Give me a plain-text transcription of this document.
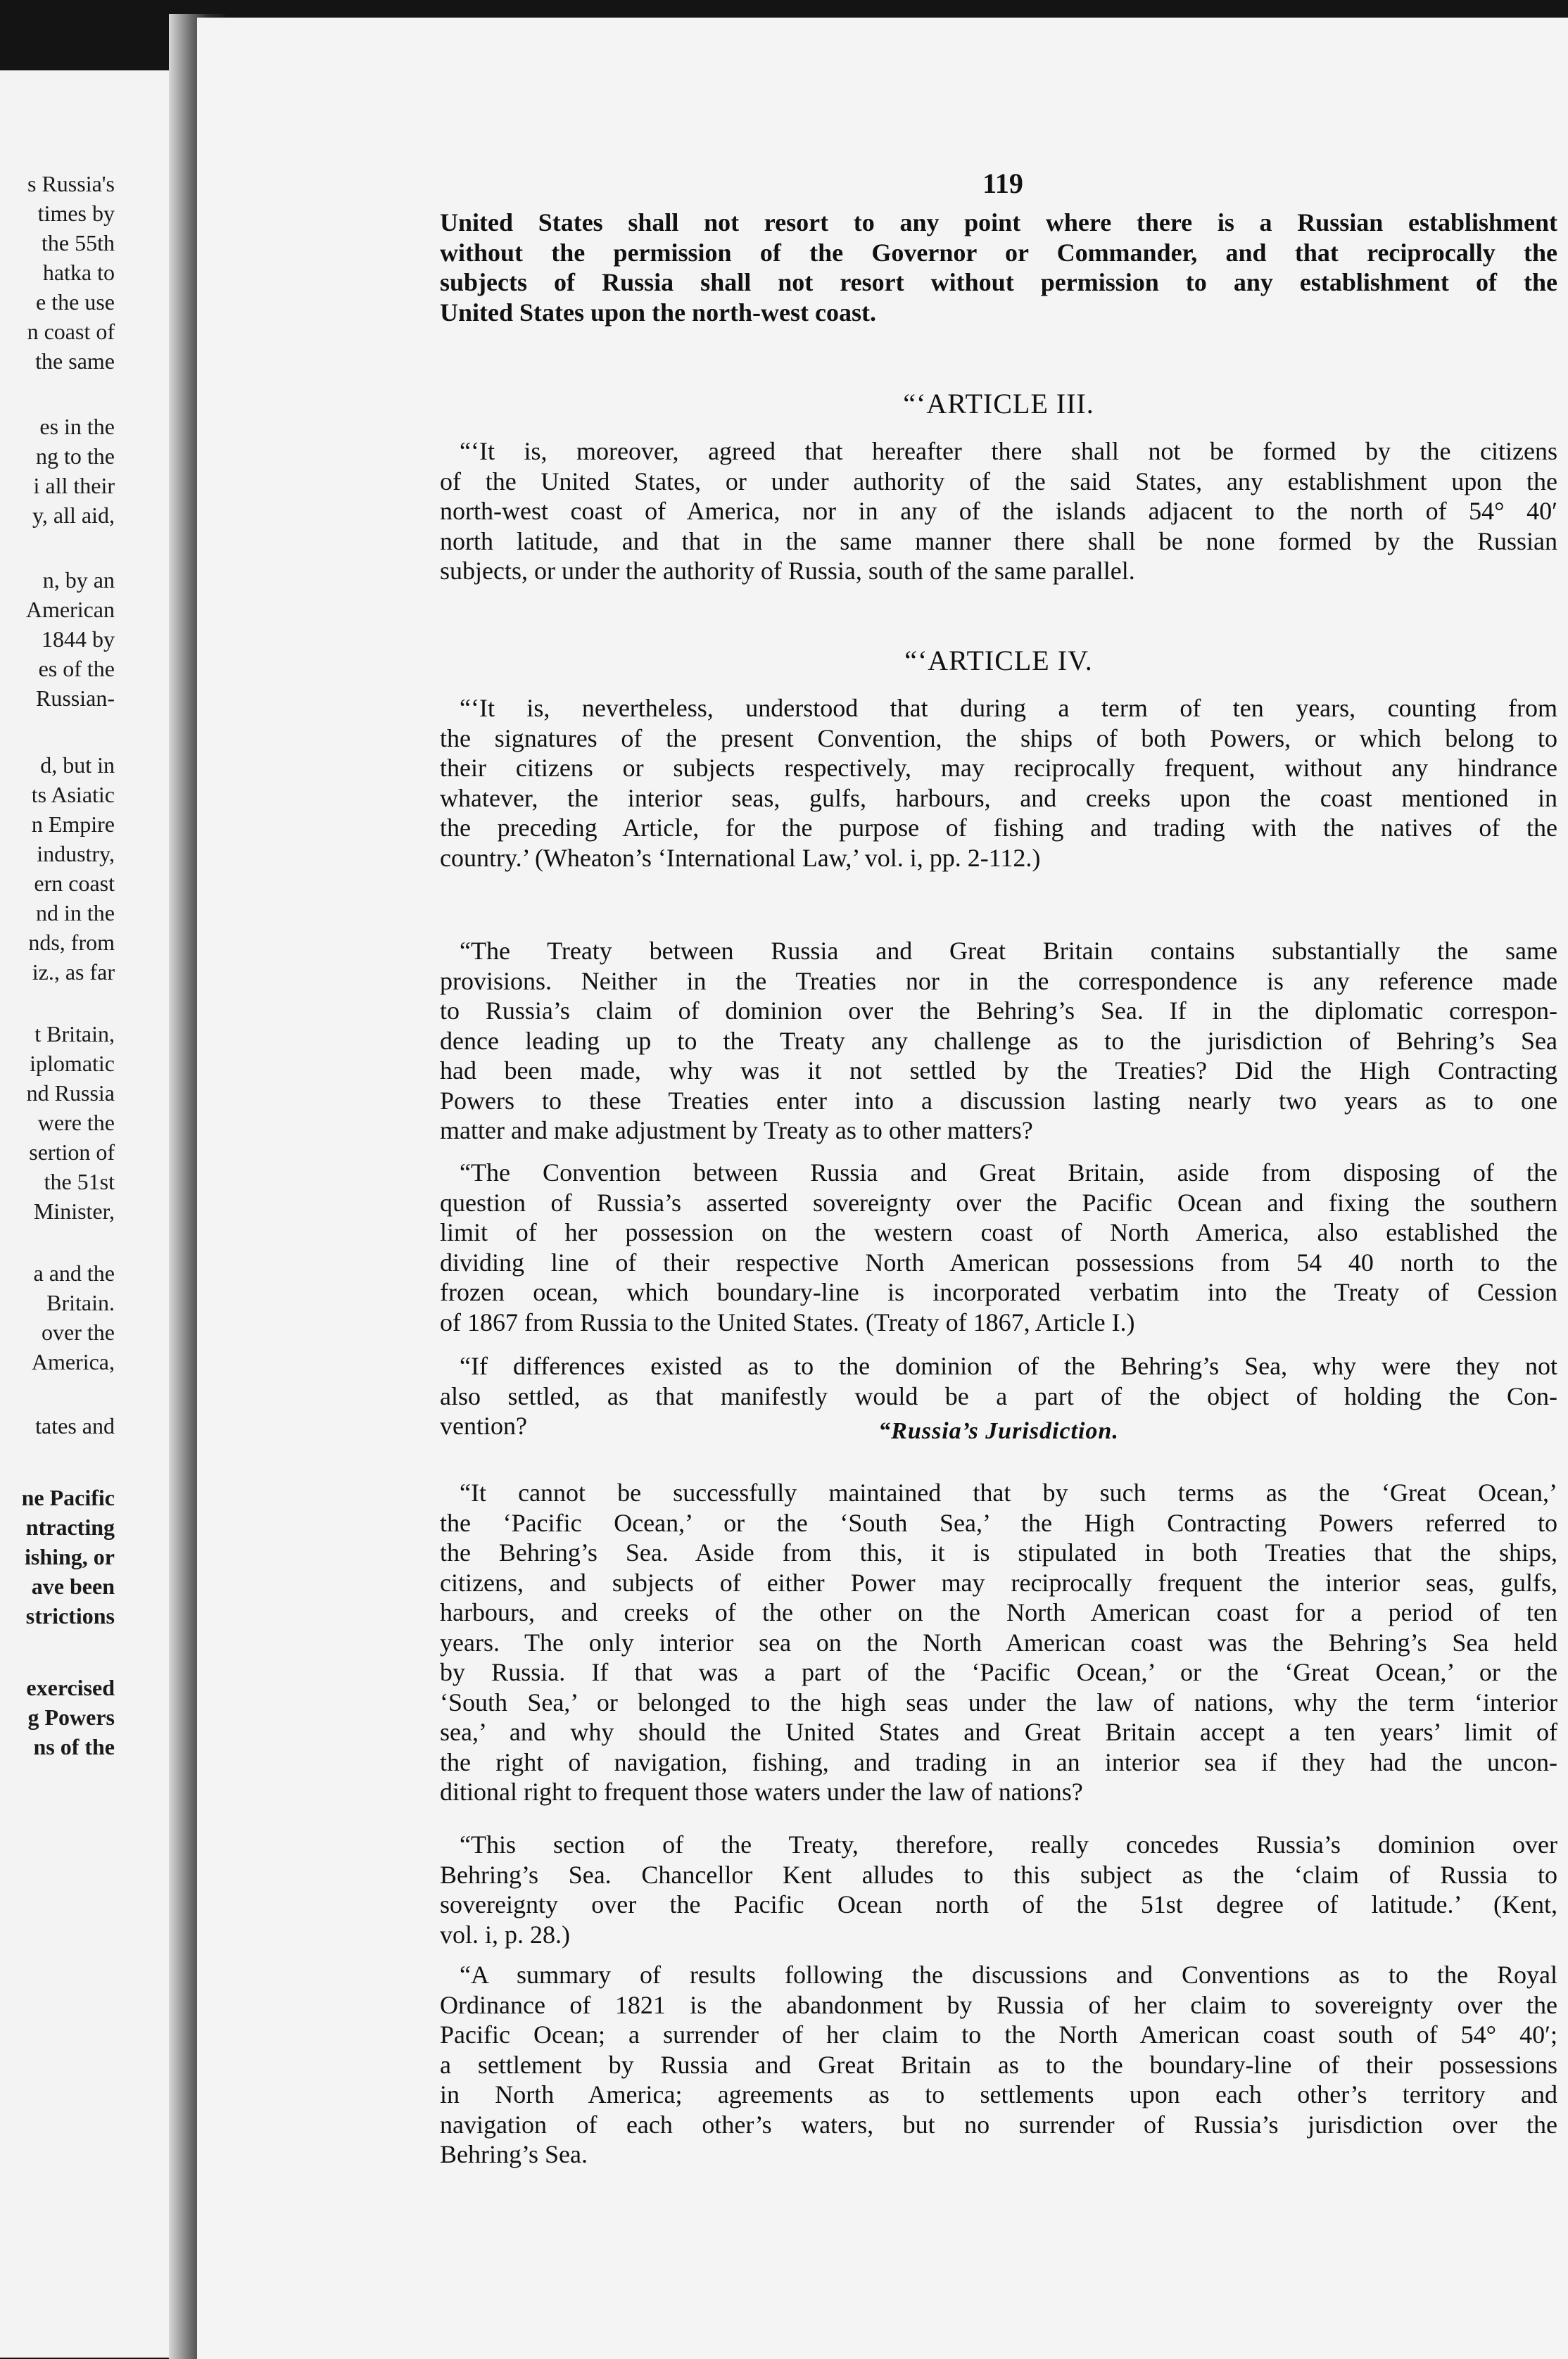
s Russia's
times by
the 55th
hatka to
e the use
n coast of
the same
es in the
ng to the
i all their
y, all aid,
n, by an
American
1844 by
es of the
Russian-
d, but in
ts Asiatic
n Empire
industry,
ern coast
nd in the
nds, from
iz., as far
t Britain,
iplomatic
nd Russia
were the
sertion of
the 51st
Minister,
a and the
Britain.
over the
America,
tates and
ne Pacific
ntracting
ishing, or
ave been
strictions
exercised
g Powers
ns of the
119
United States shall not resort to any point where there is a Russian establishment
without the permission of the Governor or Commander, and that reciprocally the
subjects of Russia shall not resort without permission to any establishment of the
United States upon the north-west coast.
“‘ARTICLE III.
“‘It is, moreover, agreed that hereafter there shall not be formed by the citizens
of the United States, or under authority of the said States, any establishment upon the
north-west coast of America, nor in any of the islands adjacent to the north of 54° 40′
north latitude, and that in the same manner there shall be none formed by the Russian
subjects, or under the authority of Russia, south of the same parallel.
“‘ARTICLE IV.
“‘It is, nevertheless, understood that during a term of ten years, counting from
the signatures of the present Convention, the ships of both Powers, or which belong to
their citizens or subjects respectively, may reciprocally frequent, without any hindrance
whatever, the interior seas, gulfs, harbours, and creeks upon the coast mentioned in
the preceding Article, for the purpose of fishing and trading with the natives of the
country.’ (Wheaton’s ‘International Law,’ vol. i, pp. 2-112.)
“The Treaty between Russia and Great Britain contains substantially the same
provisions. Neither in the Treaties nor in the correspondence is any reference made
to Russia’s claim of dominion over the Behring’s Sea. If in the diplomatic correspon-
dence leading up to the Treaty any challenge as to the jurisdiction of Behring’s Sea
had been made, why was it not settled by the Treaties? Did the High Contracting
Powers to these Treaties enter into a discussion lasting nearly two years as to one
matter and make adjustment by Treaty as to other matters?
“The Convention between Russia and Great Britain, aside from disposing of the
question of Russia’s asserted sovereignty over the Pacific Ocean and fixing the southern
limit of her possession on the western coast of North America, also established the
dividing line of their respective North American possessions from 54 40 north to the
frozen ocean, which boundary-line is incorporated verbatim into the Treaty of Cession
of 1867 from Russia to the United States. (Treaty of 1867, Article I.)
“If differences existed as to the dominion of the Behring’s Sea, why were they not
also settled, as that manifestly would be a part of the object of holding the Con-
vention?	“Russia’s Jurisdiction.
“It cannot be successfully maintained that by such terms as the ‘Great Ocean,’
the ‘Pacific Ocean,’ or the ‘South Sea,’ the High Contracting Powers referred to
the Behring’s Sea. Aside from this, it is stipulated in both Treaties that the ships,
citizens, and subjects of either Power may reciprocally frequent the interior seas, gulfs,
harbours, and creeks of the other on the North American coast for a period of ten
years. The only interior sea on the North American coast was the Behring’s Sea held
by Russia. If that was a part of the ‘Pacific Ocean,’ or the ‘Great Ocean,’ or the
‘South Sea,’ or belonged to the high seas under the law of nations, why the term ‘interior
sea,’ and why should the United States and Great Britain accept a ten years’ limit of
the right of navigation, fishing, and trading in an interior sea if they had the uncon-
ditional right to frequent those waters under the law of nations?
“This section of the Treaty, therefore, really concedes Russia’s dominion over
Behring’s Sea. Chancellor Kent alludes to this subject as the ‘claim of Russia to
sovereignty over the Pacific Ocean north of the 51st degree of latitude.’ (Kent,
vol. i, p. 28.)
“A summary of results following the discussions and Conventions as to the Royal
Ordinance of 1821 is the abandonment by Russia of her claim to sovereignty over the
Pacific Ocean; a surrender of her claim to the North American coast south of 54° 40′;
a settlement by Russia and Great Britain as to the boundary-line of their possessions
in North America; agreements as to settlements upon each other’s territory and
navigation of each other’s waters, but no surrender of Russia’s jurisdiction over the
Behring’s Sea.
